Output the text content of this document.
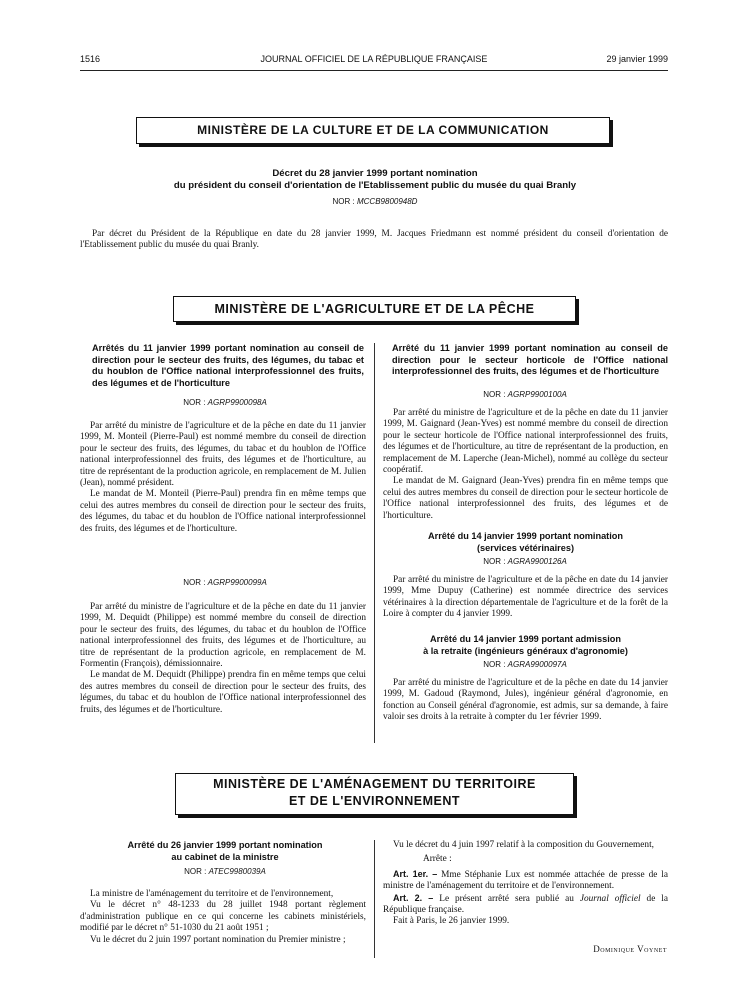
1516	JOURNAL OFFICIEL DE LA RÉPUBLIQUE FRANÇAISE	29 janvier 1999
MINISTÈRE DE LA CULTURE ET DE LA COMMUNICATION
Décret du 28 janvier 1999 portant nomination
du président du conseil d'orientation de l'Etablissement public du musée du quai Branly
NOR : MCCB9800948D

Par décret du Président de la République en date du 28 janvier 1999, M. Jacques Friedmann est nommé président du conseil d'orientation de l'Etablissement public du musée du quai Branly.

MINISTÈRE DE L'AGRICULTURE ET DE LA PÊCHE
Arrêtés du 11 janvier 1999 portant nomination au conseil de direction pour le secteur des fruits, des légumes, du tabac et du houblon de l'Office national interprofessionnel des fruits, des légumes et de l'horticulture
NOR : AGRP9900098A

Par arrêté du ministre de l'agriculture et de la pêche en date du 11 janvier 1999, M. Monteil (Pierre-Paul) est nommé membre du conseil de direction pour le secteur des fruits, des légumes, du tabac et du houblon de l'Office national interprofessionnel des fruits, des légumes et de l'horticulture, au titre de représentant de la production agricole, en remplacement de M. Julien (Jean), nommé président.

Le mandat de M. Monteil (Pierre-Paul) prendra fin en même temps que celui des autres membres du conseil de direction pour le secteur des fruits, des légumes, du tabac et du houblon de l'Office national interprofessionnel des fruits, des légumes et de l'horticulture.

NOR : AGRP9900099A

Par arrêté du ministre de l'agriculture et de la pêche en date du 11 janvier 1999, M. Dequidt (Philippe) est nommé membre du conseil de direction pour le secteur des fruits, des légumes, du tabac et du houblon de l'Office national interprofessionnel des fruits, des légumes et de l'horticulture, au titre de représentant de la production agricole, en remplacement de M. Formentin (François), démissionnaire.

Le mandat de M. Dequidt (Philippe) prendra fin en même temps que celui des autres membres du conseil de direction pour le secteur des fruits, des légumes, du tabac et du houblon de l'Office national interprofessionnel des fruits, des légumes et de l'horticulture.

Arrêté du 11 janvier 1999 portant nomination au conseil de direction pour le secteur horticole de l'Office national interprofessionnel des fruits, des légumes et de l'horticulture
NOR : AGRP9900100A

Par arrêté du ministre de l'agriculture et de la pêche en date du 11 janvier 1999, M. Gaignard (Jean-Yves) est nommé membre du conseil de direction pour le secteur horticole de l'Office national interprofessionnel des fruits, des légumes et de l'horticulture, au titre de représentant de la production, en remplacement de M. Laperche (Jean-Michel), nommé au collège du secteur coopératif.

Le mandat de M. Gaignard (Jean-Yves) prendra fin en même temps que celui des autres membres du conseil de direction pour le secteur horticole de l'Office national interprofessionnel des fruits, des légumes et de l'horticulture.

Arrêté du 14 janvier 1999 portant nomination
(services vétérinaires)
NOR : AGRA9900126A

Par arrêté du ministre de l'agriculture et de la pêche en date du 14 janvier 1999, Mme Dupuy (Catherine) est nommée directrice des services vétérinaires à la direction départementale de l'agriculture et de la forêt de la Loire à compter du 4 janvier 1999.

Arrêté du 14 janvier 1999 portant admission
à la retraite (ingénieurs généraux d'agronomie)
NOR : AGRA9900097A

Par arrêté du ministre de l'agriculture et de la pêche en date du 14 janvier 1999, M. Gadoud (Raymond, Jules), ingénieur général d'agronomie, en fonction au Conseil général d'agronomie, est admis, sur sa demande, à faire valoir ses droits à la retraite à compter du 1er février 1999.

MINISTÈRE DE L'AMÉNAGEMENT DU TERRITOIRE
ET DE L'ENVIRONNEMENT
Arrêté du 26 janvier 1999 portant nomination
au cabinet de la ministre
NOR : ATEC9980039A

La ministre de l'aménagement du territoire et de l'environnement,

Vu le décret n° 48-1233 du 28 juillet 1948 portant règlement d'administration publique en ce qui concerne les cabinets ministériels, modifié par le décret n° 51-1030 du 21 août 1951 ;

Vu le décret du 2 juin 1997 portant nomination du Premier ministre ;

Vu le décret du 4 juin 1997 relatif à la composition du Gouvernement,

Arrête :

Art. 1er. – Mme Stéphanie Lux est nommée attachée de presse de la ministre de l'aménagement du territoire et de l'environnement.

Art. 2. – Le présent arrêté sera publié au Journal officiel de la République française.

Fait à Paris, le 26 janvier 1999.

Dominique Voynet
